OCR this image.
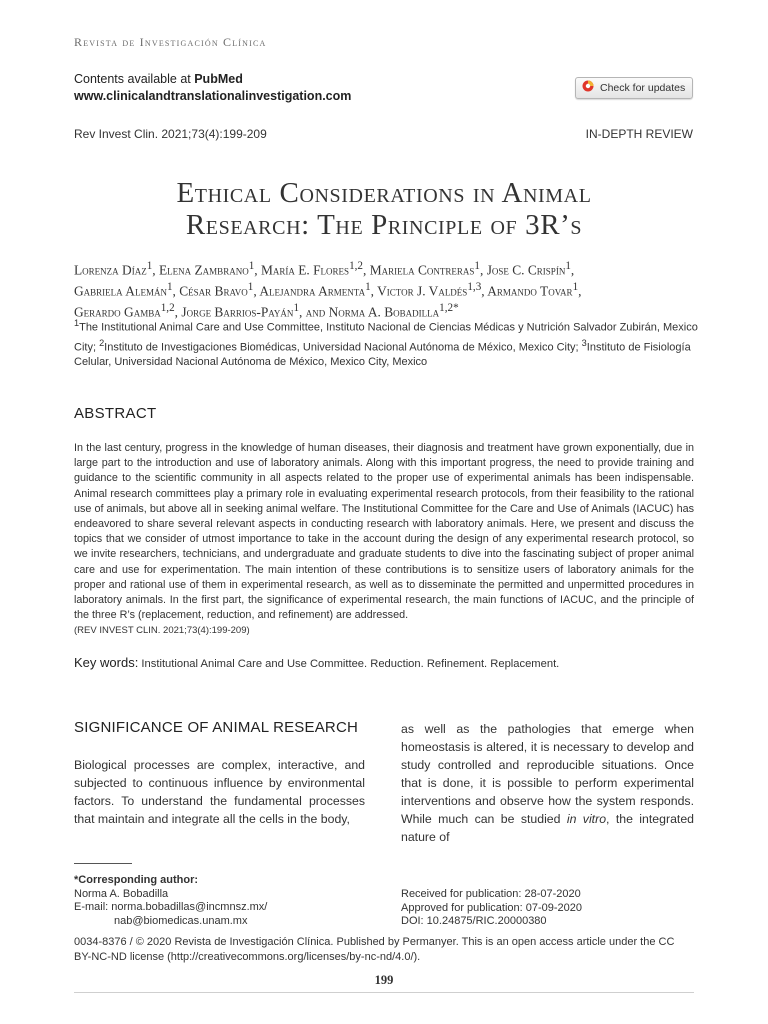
Revista de Investigación Clínica
Contents available at PubMed
www.clinicalandtranslationalinvestigation.com
Check for updates
Rev Invest Clin. 2021;73(4):199-209	IN-DEPTH REVIEW
Ethical Considerations in Animal
Research: The Principle of 3R’s
Lorenza Díaz$^1$, Elena Zambrano$^1$, María E. Flores$^{1,2}$, Mariela Contreras$^1$, Jose C. Crispín$^1$,
Gabriela Alemán$^1$, César Bravo$^1$, Alejandra Armenta$^1$, Victor J. Valdés$^{1,3}$, Armando Tovar$^1$,
Gerardo Gamba$^{1,2}$, Jorge Barrios-Payán$^1$, and Norma A. Bobadilla$^{1,2*}$
$^1$The Institutional Animal Care and Use Committee, Instituto Nacional de Ciencias Médicas y Nutrición Salvador Zubirán, Mexico City; $^2$Instituto de Investigaciones Biomédicas, Universidad Nacional Autónoma de México, Mexico City; $^3$Instituto de Fisiología Celular, Universidad Nacional Autónoma de México, Mexico City, Mexico
ABSTRACT
In the last century, progress in the knowledge of human diseases, their diagnosis and treatment have grown exponentially, due in large part to the introduction and use of laboratory animals. Along with this important progress, the need to provide training and guidance to the scientific community in all aspects related to the proper use of experimental animals has been indispensable. Animal research committees play a primary role in evaluating experimental research protocols, from their feasibility to the rational use of animals, but above all in seeking animal welfare. The Institutional Committee for the Care and Use of Animals (IACUC) has endeavored to share several relevant aspects in conducting research with laboratory animals. Here, we present and discuss the topics that we consider of utmost importance to take in the account during the design of any experimental research protocol, so we invite researchers, technicians, and undergraduate and graduate students to dive into the fascinating subject of proper animal care and use for experimentation. The main intention of these contributions is to sensitize users of laboratory animals for the proper and rational use of them in experimental research, as well as to disseminate the permitted and unpermitted procedures in laboratory animals. In the first part, the significance of experimental research, the main functions of IACUC, and the principle of the three R’s (replacement, reduction, and refinement) are addressed.
(REV INVEST CLIN. 2021;73(4):199-209)
Key words: Institutional Animal Care and Use Committee. Reduction. Refinement. Replacement.
SIGNIFICANCE OF ANIMAL RESEARCH
Biological processes are complex, interactive, and subjected to continuous influence by environmental factors. To understand the fundamental processes that maintain and integrate all the cells in the body,
as well as the pathologies that emerge when homeostasis is altered, it is necessary to develop and study controlled and reproducible situations. Once that is done, it is possible to perform experimental interventions and observe how the system responds. While much can be studied in vitro, the integrated nature of
*Corresponding author:
Norma A. Bobadilla
E-mail: norma.bobadillas@incmnsz.mx/
nab@biomedicas.unam.mx
Received for publication: 28-07-2020
Approved for publication: 07-09-2020
DOI: 10.24875/RIC.20000380
0034-8376 / © 2020 Revista de Investigación Clínica. Published by Permanyer. This is an open access article under the CC BY-NC-ND license (http://creativecommons.org/licenses/by-nc-nd/4.0/).
199
